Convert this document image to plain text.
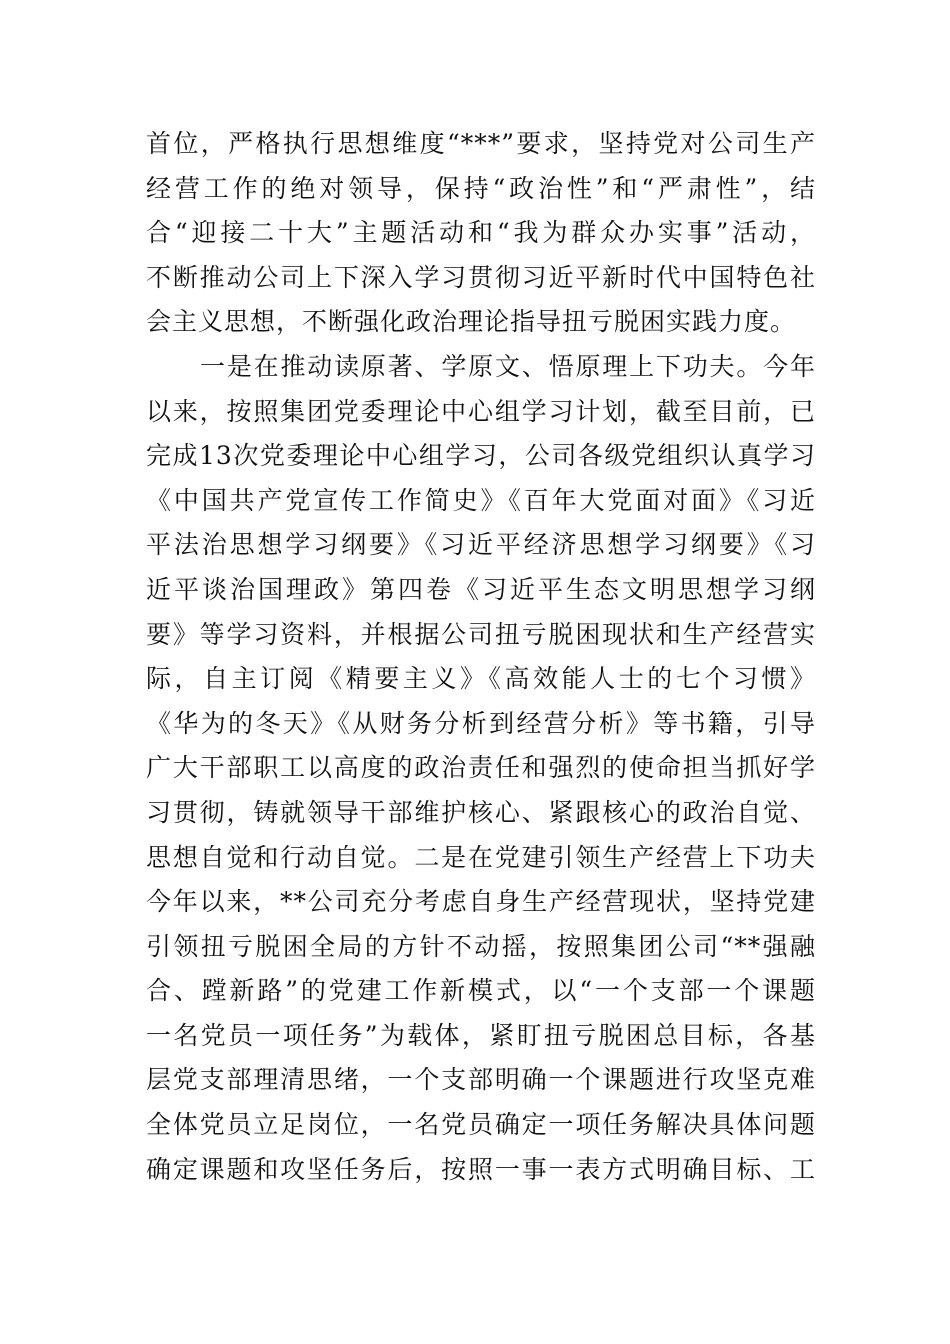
首位，严格执行思想维度“***”要求，坚持党对公司生产
经营工作的绝对领导，保持“政治性”和“严肃性”，结
合“迎接二十大”主题活动和“我为群众办实事”活动，
不断推动公司上下深入学习贯彻习近平新时代中国特色社
会主义思想，不断强化政治理论指导扭亏脱困实践力度。
一是在推动读原著、学原文、悟原理上下功夫。今年
以来，按照集团党委理论中心组学习计划，截至目前，已
完成13次党委理论中心组学习，公司各级党组织认真学习
《中国共产党宣传工作简史》《百年大党面对面》《习近
平法治思想学习纲要》《习近平经济思想学习纲要》《习
近平谈治国理政》第四卷《习近平生态文明思想学习纲
要》等学习资料，并根据公司扭亏脱困现状和生产经营实
际，自主订阅《精要主义》《高效能人士的七个习惯》
《华为的冬天》《从财务分析到经营分析》等书籍，引导
广大干部职工以高度的政治责任和强烈的使命担当抓好学
习贯彻，铸就领导干部维护核心、紧跟核心的政治自觉、
思想自觉和行动自觉。二是在党建引领生产经营上下功夫
今年以来，**公司充分考虑自身生产经营现状，坚持党建
引领扭亏脱困全局的方针不动摇，按照集团公司“**强融
合、蹚新路”的党建工作新模式，以“一个支部一个课题
一名党员一项任务”为载体，紧盯扭亏脱困总目标，各基
层党支部理清思绪，一个支部明确一个课题进行攻坚克难
全体党员立足岗位，一名党员确定一项任务解决具体问题
确定课题和攻坚任务后，按照一事一表方式明确目标、工
